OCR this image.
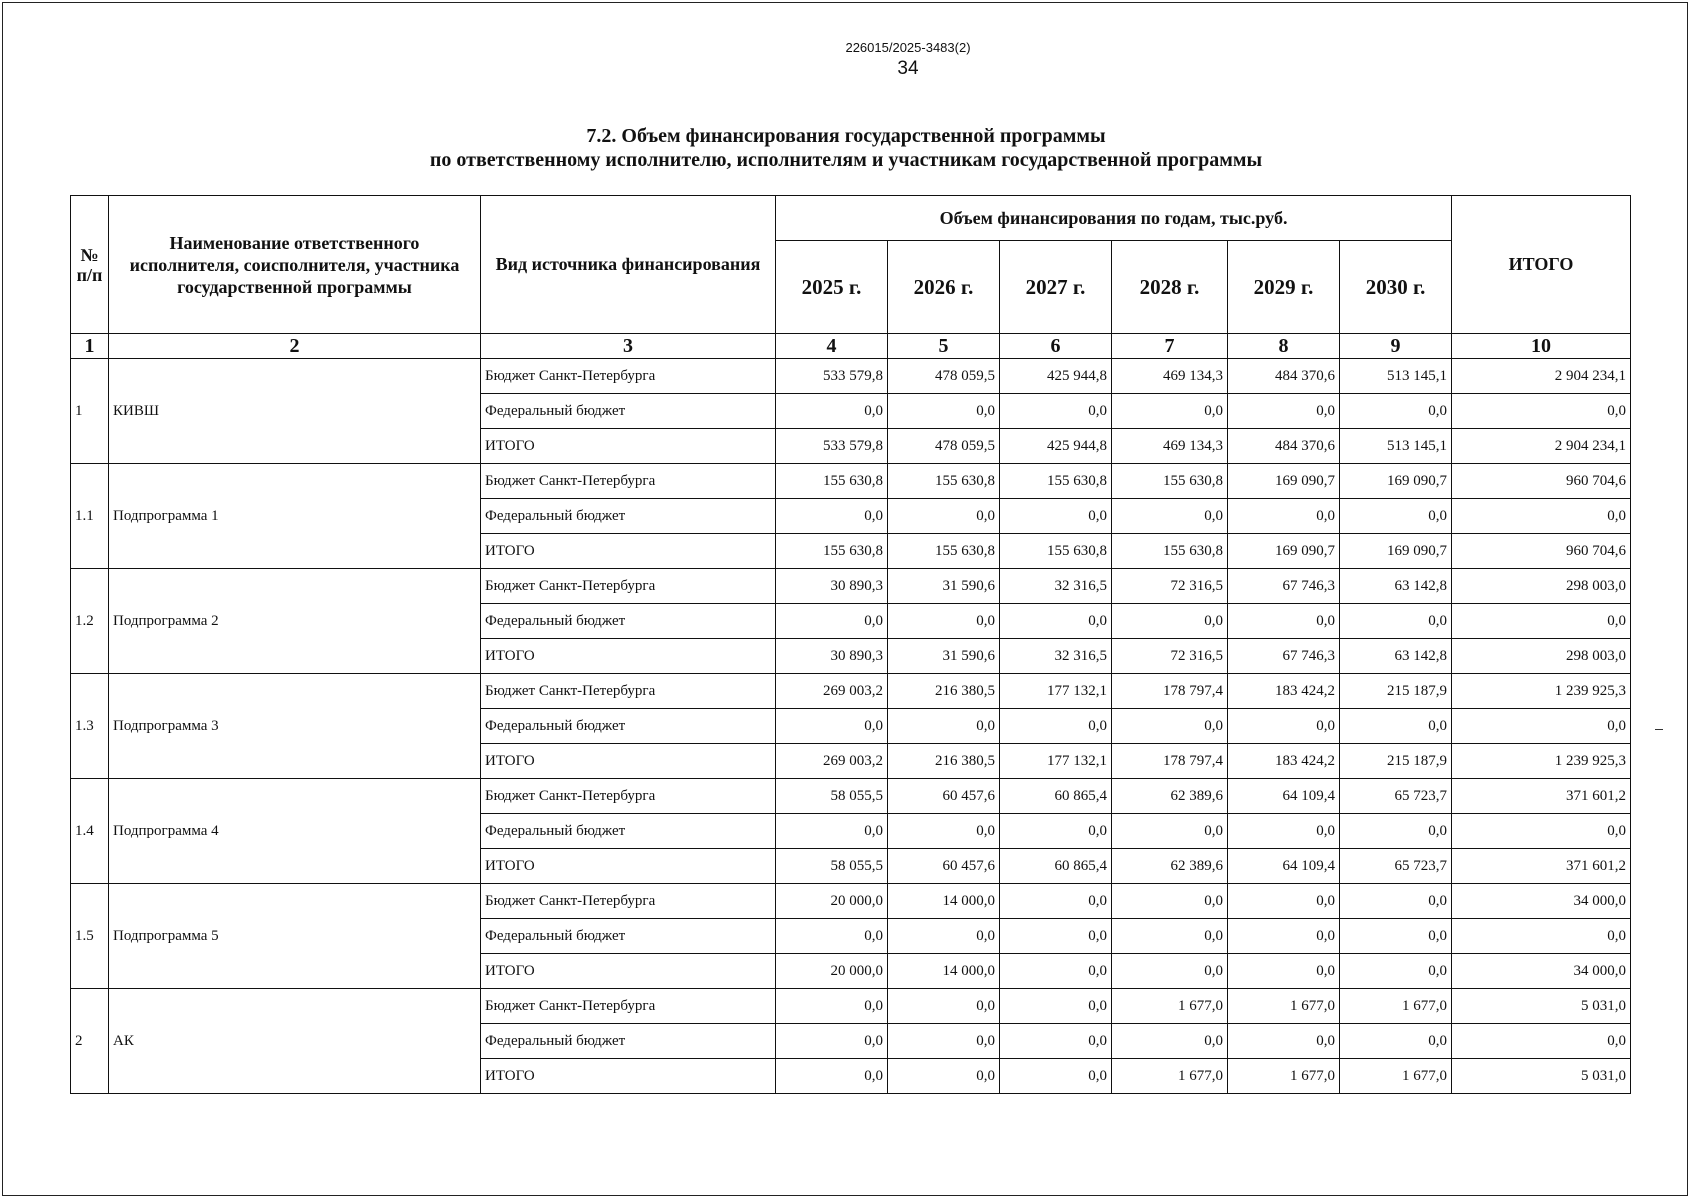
226015/2025-3483(2)
34
7.2. Объем финансирования государственной программы
по ответственному исполнителю, исполнителям и участникам государственной программы
№ п/п	Наименование ответственного исполнителя, соисполнителя, участника государственной программы	Вид источника финансирования	Объем финансирования по годам, тыс.руб.						ИТОГО
			2025 г.	2026 г.	2027 г.	2028 г.	2029 г.	2030 г.	
1	2	3	4	5	6	7	8	9	10
1	КИВШ	Бюджет Санкт-Петербурга	533 579,8	478 059,5	425 944,8	469 134,3	484 370,6	513 145,1	2 904 234,1
		Федеральный бюджет	0,0	0,0	0,0	0,0	0,0	0,0	0,0
		ИТОГО	533 579,8	478 059,5	425 944,8	469 134,3	484 370,6	513 145,1	2 904 234,1
1.1	Подпрограмма 1	Бюджет Санкт-Петербурга	155 630,8	155 630,8	155 630,8	155 630,8	169 090,7	169 090,7	960 704,6
		Федеральный бюджет	0,0	0,0	0,0	0,0	0,0	0,0	0,0
		ИТОГО	155 630,8	155 630,8	155 630,8	155 630,8	169 090,7	169 090,7	960 704,6
1.2	Подпрограмма 2	Бюджет Санкт-Петербурга	30 890,3	31 590,6	32 316,5	72 316,5	67 746,3	63 142,8	298 003,0
		Федеральный бюджет	0,0	0,0	0,0	0,0	0,0	0,0	0,0
		ИТОГО	30 890,3	31 590,6	32 316,5	72 316,5	67 746,3	63 142,8	298 003,0
1.3	Подпрограмма 3	Бюджет Санкт-Петербурга	269 003,2	216 380,5	177 132,1	178 797,4	183 424,2	215 187,9	1 239 925,3
		Федеральный бюджет	0,0	0,0	0,0	0,0	0,0	0,0	0,0
		ИТОГО	269 003,2	216 380,5	177 132,1	178 797,4	183 424,2	215 187,9	1 239 925,3
1.4	Подпрограмма 4	Бюджет Санкт-Петербурга	58 055,5	60 457,6	60 865,4	62 389,6	64 109,4	65 723,7	371 601,2
		Федеральный бюджет	0,0	0,0	0,0	0,0	0,0	0,0	0,0
		ИТОГО	58 055,5	60 457,6	60 865,4	62 389,6	64 109,4	65 723,7	371 601,2
1.5	Подпрограмма 5	Бюджет Санкт-Петербурга	20 000,0	14 000,0	0,0	0,0	0,0	0,0	34 000,0
		Федеральный бюджет	0,0	0,0	0,0	0,0	0,0	0,0	0,0
		ИТОГО	20 000,0	14 000,0	0,0	0,0	0,0	0,0	34 000,0
2	АК	Бюджет Санкт-Петербурга	0,0	0,0	0,0	1 677,0	1 677,0	1 677,0	5 031,0
		Федеральный бюджет	0,0	0,0	0,0	0,0	0,0	0,0	0,0
		ИТОГО	0,0	0,0	0,0	1 677,0	1 677,0	1 677,0	5 031,0
